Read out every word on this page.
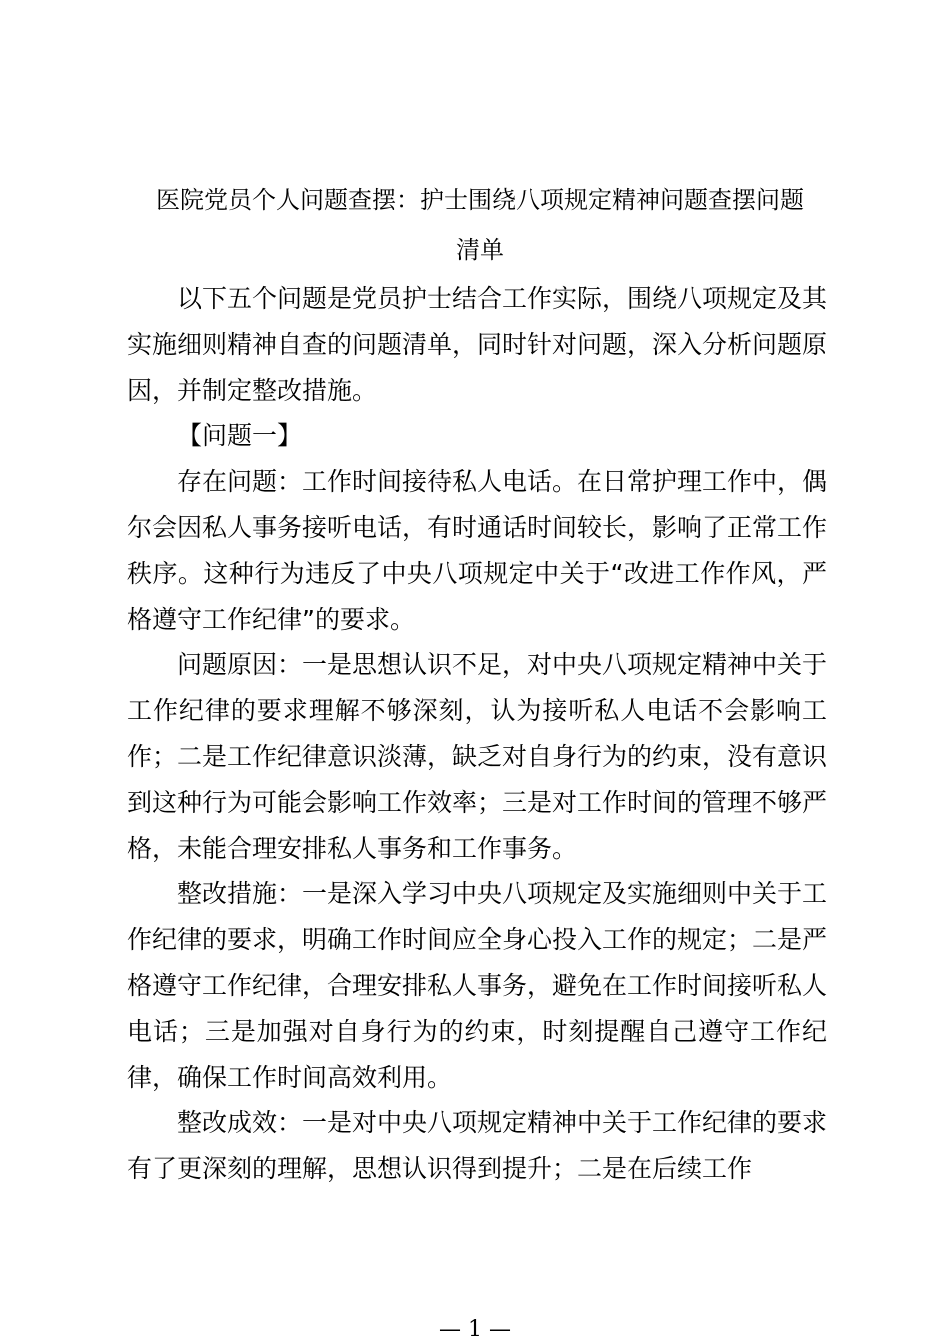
医院党员个人问题查摆：护士围绕八项规定精神问题查摆问题
清单

以下五个问题是党员护士结合工作实际，围绕八项规定及其实施细则精神自查的问题清单，同时针对问题，深入分析问题原因，并制定整改措施。

【问题一】

存在问题：工作时间接待私人电话。在日常护理工作中，偶尔会因私人事务接听电话，有时通话时间较长，影响了正常工作秩序。这种行为违反了中央八项规定中关于“改进工作作风，严格遵守工作纪律”的要求。

问题原因：一是思想认识不足，对中央八项规定精神中关于工作纪律的要求理解不够深刻，认为接听私人电话不会影响工作；二是工作纪律意识淡薄，缺乏对自身行为的约束，没有意识到这种行为可能会影响工作效率；三是对工作时间的管理不够严格，未能合理安排私人事务和工作事务。

整改措施：一是深入学习中央八项规定及实施细则中关于工作纪律的要求，明确工作时间应全身心投入工作的规定；二是严格遵守工作纪律，合理安排私人事务，避免在工作时间接听私人电话；三是加强对自身行为的约束，时刻提醒自己遵守工作纪律，确保工作时间高效利用。

整改成效：一是对中央八项规定精神中关于工作纪律的要求有了更深刻的理解，思想认识得到提升；二是在后续工作

— 1 —
